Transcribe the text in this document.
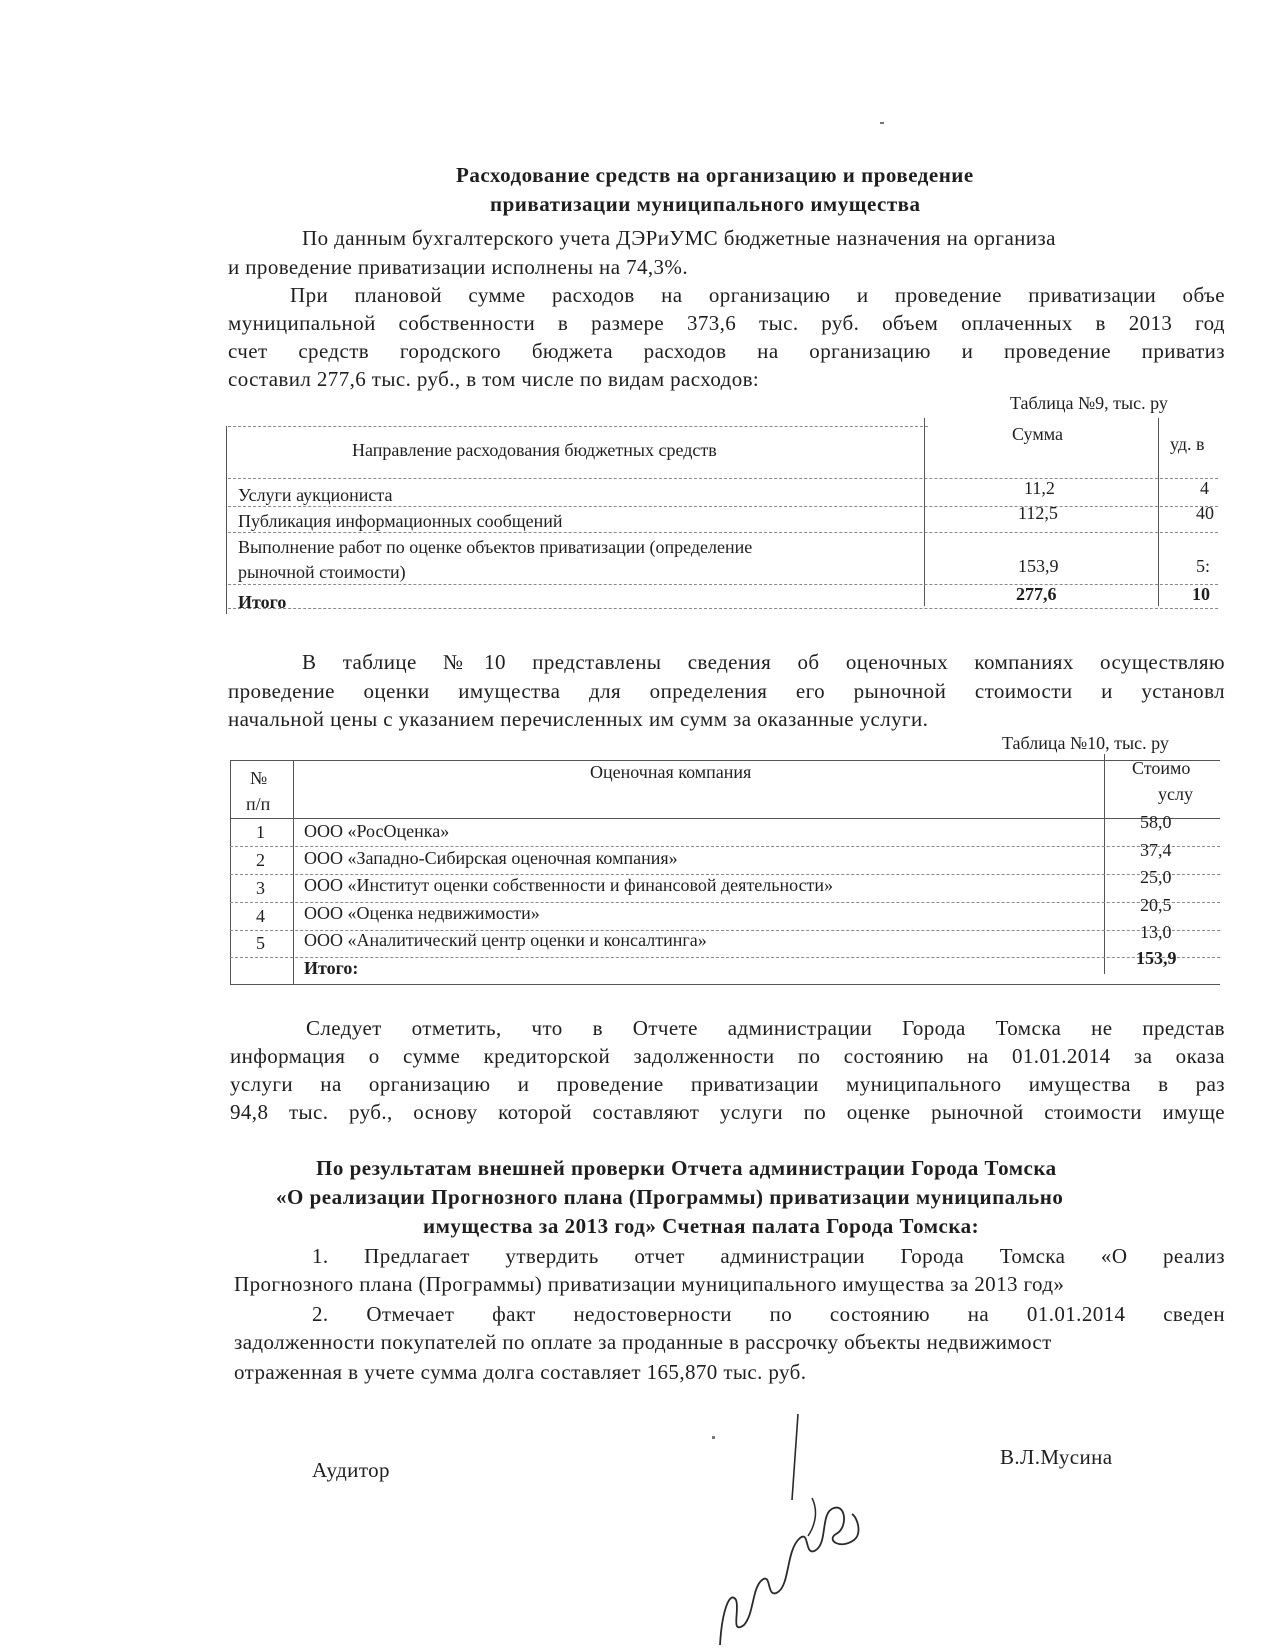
Расходование средств на организацию и проведение
приватизации муниципального имущества
По данным бухгалтерского учета ДЭРиУМС бюджетные назначения на организа
и проведение приватизации исполнены на 74,3%.
При плановой сумме расходов на организацию и проведение приватизации объе
муниципальной собственности в размере 373,6 тыс. руб. объем оплаченных в 2013 год
счет средств городского бюджета расходов на организацию и проведение приватиз
составил 277,6 тыс. руб., в том числе по видам расходов:
Таблица №9, тыс. ру
Направление расходования бюджетных средств
Сумма	уд. в
Услуги аукциониста	11,2	4
Публикация информационных сообщений	112,5	40
Выполнение работ по оценке объектов приватизации (определение
рыночной стоимости)	153,9	5:
Итого	277,6	10
В таблице №10 представлены сведения об оценочных компаниях осуществляю
проведение оценки имущества для определения его рыночной стоимости и установл
начальной цены с указанием перечисленных им сумм за оказанные услуги.
Таблица №10, тыс. ру
№
п/п
Оценочная компания	Стоимо
услу
1 ООО «РосОценка»	58,0
2 ООО «Западно-Сибирская оценочная компания»	37,4
3 ООО «Институт оценки собственности и финансовой деятельности»	25,0
4 ООО «Оценка недвижимости»	20,5
5 ООО «Аналитический центр оценки и консалтинга»	13,0
Итого:	153,9
Следует отметить, что в Отчете администрации Города Томска не представ
информация о сумме кредиторской задолженности по состоянию на 01.01.2014 за оказа
услуги на организацию и проведение приватизации муниципального имущества в раз
94,8 тыс. руб., основу которой составляют услуги по оценке рыночной стоимости имуще
По результатам внешней проверки Отчета администрации Города Томска
«О реализации Прогнозного плана (Программы) приватизации муниципально
имущества за 2013 год» Счетная палата Города Томска:
1. Предлагает утвердить отчет администрации Города Томска «О реализ
Прогнозного плана (Программы) приватизации муниципального имущества за 2013 год»
2. Отмечает факт недостоверности по состоянию на 01.01.2014 сведен
задолженности покупателей по оплате за проданные в рассрочку объекты недвижимост
отраженная в учете сумма долга составляет 165,870 тыс. руб.
Аудитор
В.Л.Мусина
